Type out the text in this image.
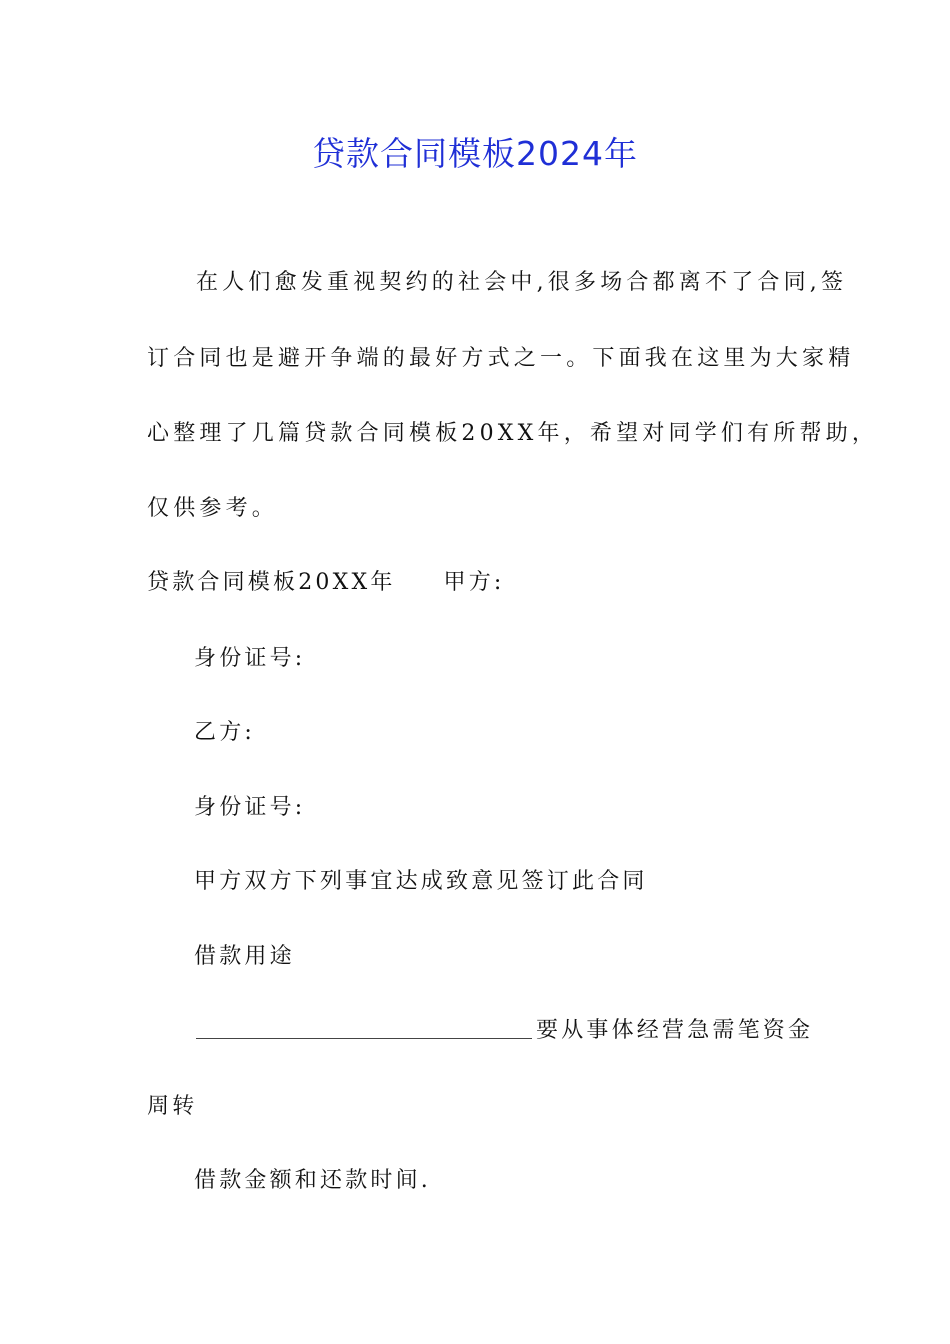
贷款合同模板2024年
在人们愈发重视契约的社会中,很多场合都离不了合同,签
订合同也是避开争端的最好方式之一。下面我在这里为大家精
心整理了几篇贷款合同模板20XX年，希望对同学们有所帮助，
仅供参考。
贷款合同模板20XX年 甲方:
身份证号:
乙方:
身份证号:
甲方双方下列事宜达成致意见签订此合同
借款用途
要从事体经营急需笔资金
周转
借款金额和还款时间.
